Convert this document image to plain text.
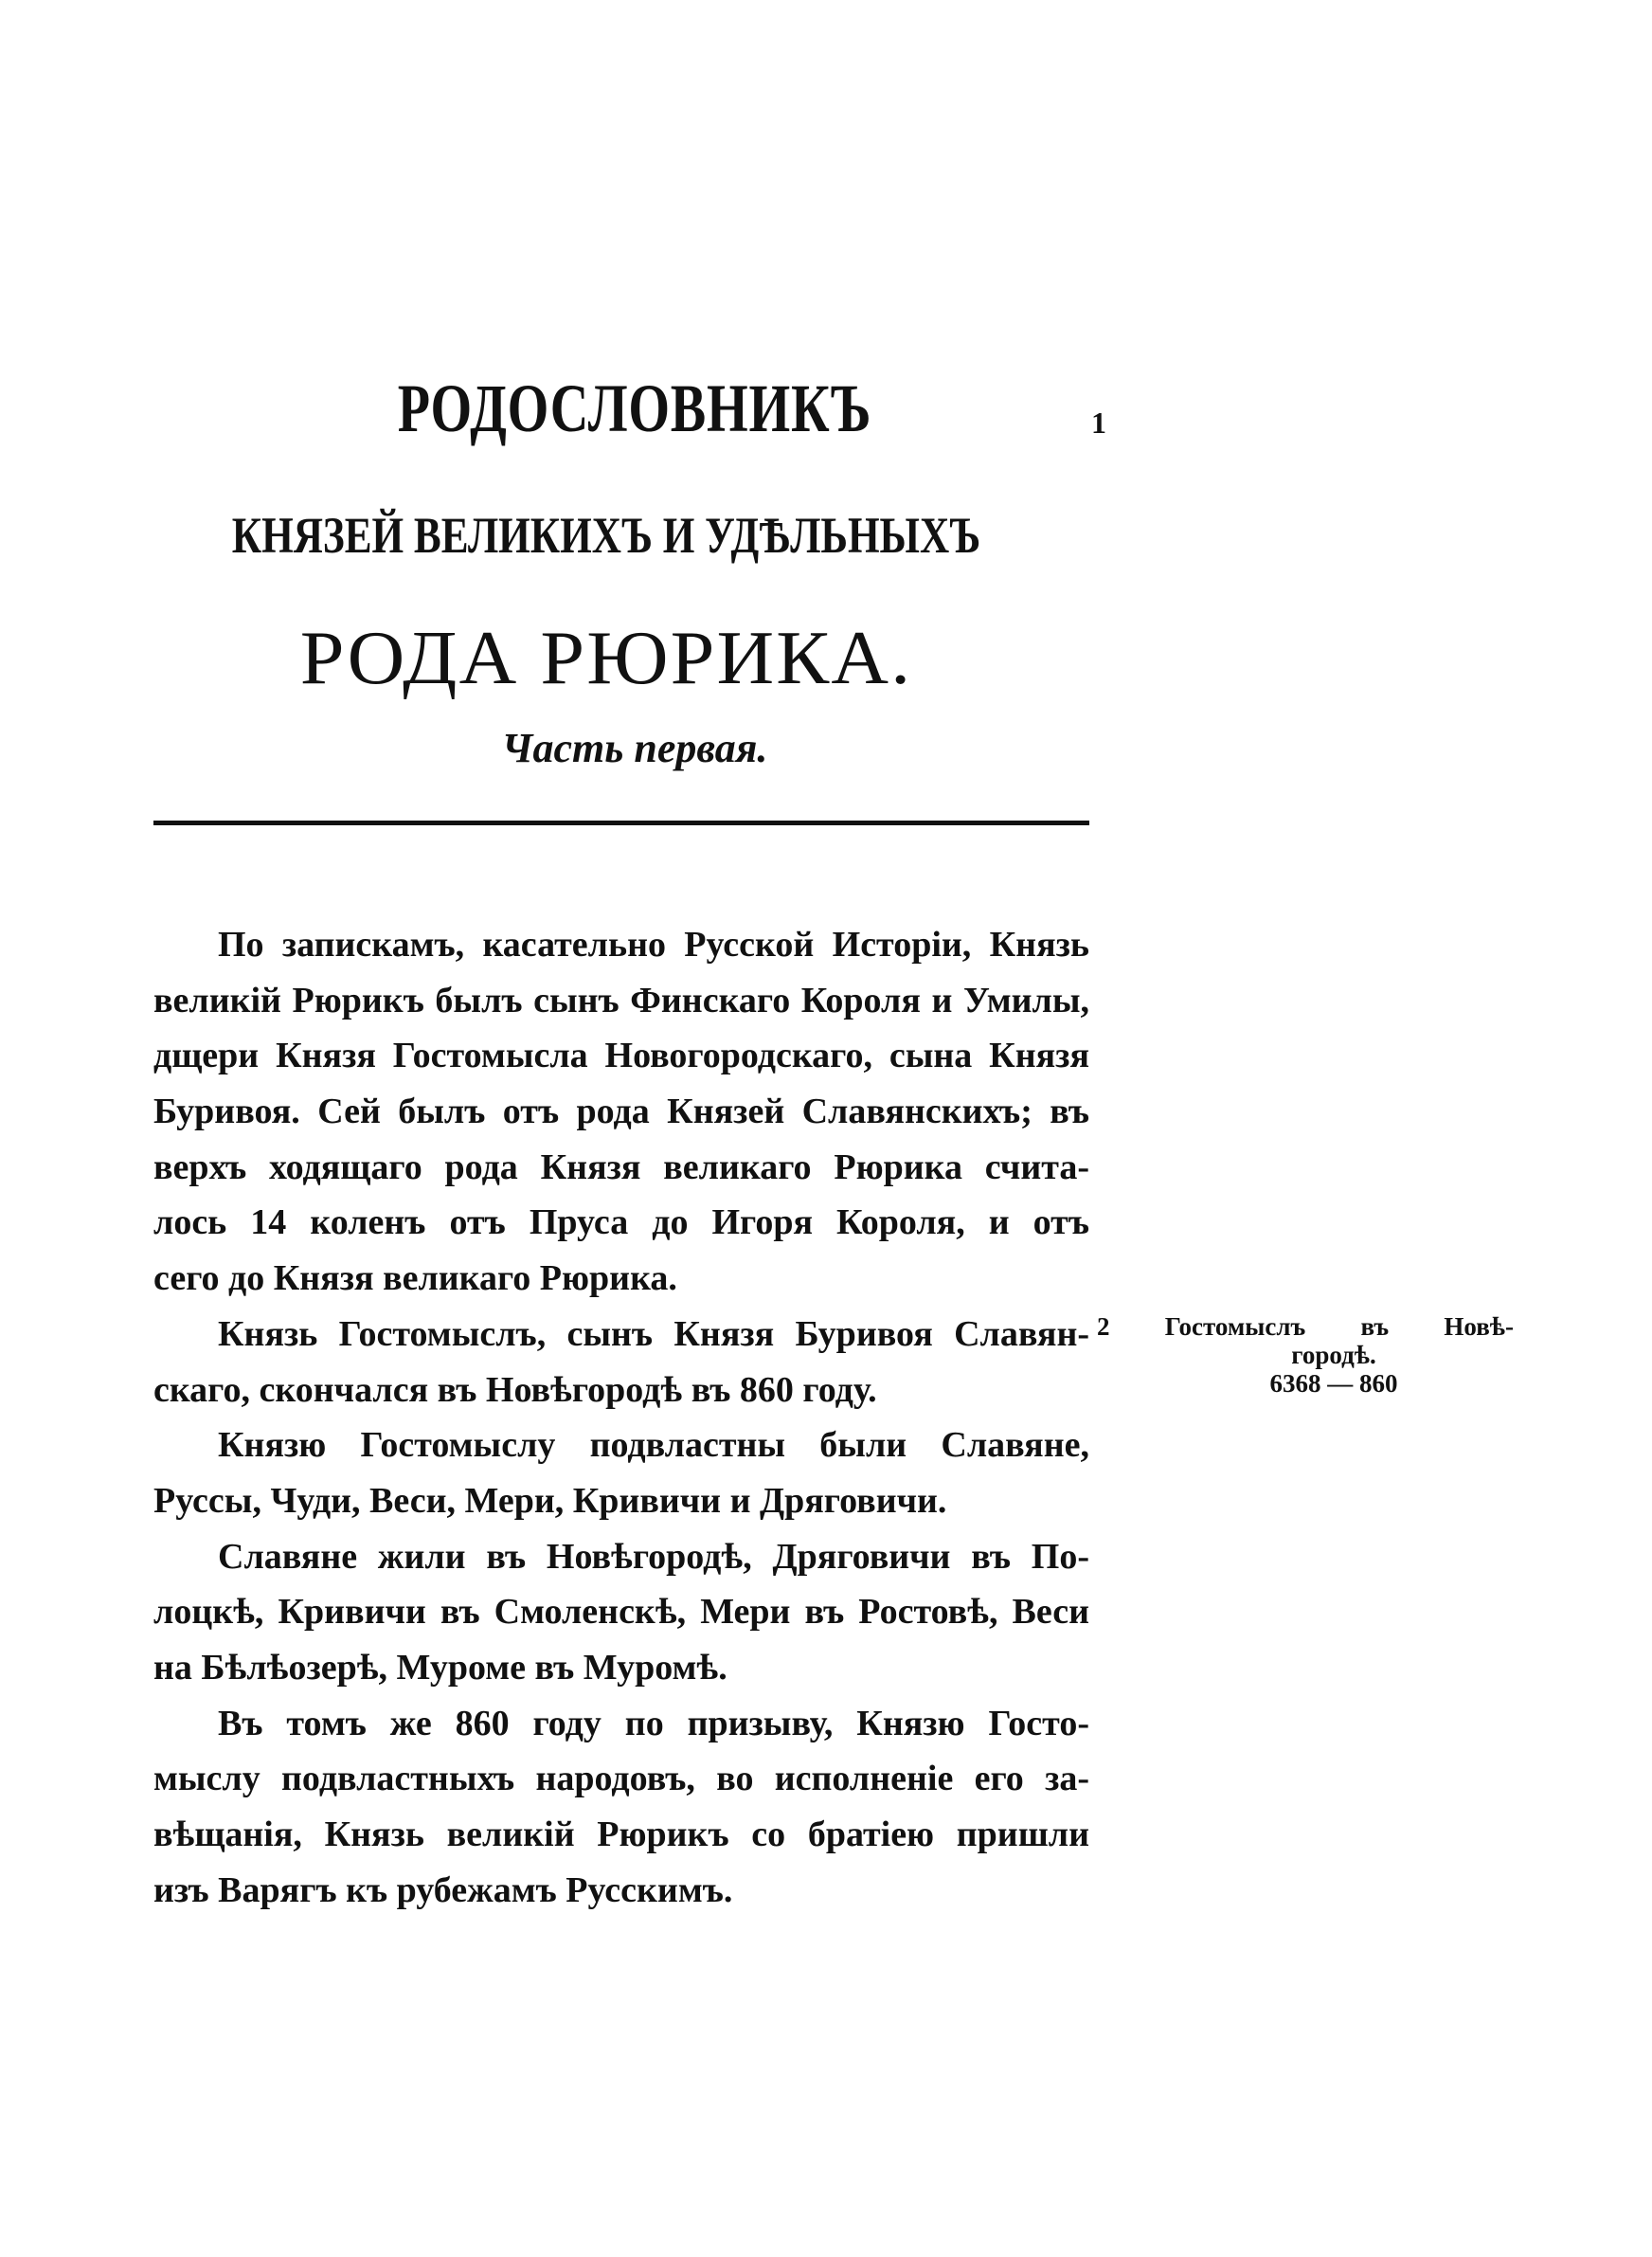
РОДОСЛОВНИКЪ	1
КНЯЗЕЙ ВЕЛИКИХЪ И УДѢЛЬНЫХЪ
РОДА РЮРИКА.
Часть первая.

По запискамъ, касательно Русской Исторіи, Князь
великій Рюрикъ былъ сынъ Финскаго Короля и Умилы,
дщери Князя Гостомысла Новогородскаго, сына Князя
Буривоя. Сей былъ отъ рода Князей Славянскихъ; въ
верхъ ходящаго рода Князя великаго Рюрика счита-
лось 14 коленъ отъ Пруса до Игоря Короля, и отъ
сего до Князя великаго Рюрика.

Князь Гостомыслъ, сынъ Князя Буривоя Славян-
скаго, скончался въ Новѣгородѣ въ 860 году.

Князю Гостомыслу подвластны были Славяне,
Руссы, Чуди, Веси, Мери, Кривичи и Дряговичи.

Славяне жили въ Новѣгородѣ, Дряговичи въ По-
лоцкѣ, Кривичи въ Смоленскѣ, Мери въ Ростовѣ, Веси
на Бѣлѣозерѣ, Муроме въ Муромѣ.

Въ томъ же 860 году по призыву, Князю Госто-
мыслу подвластныхъ народовъ, во исполненіе его за-
вѣщанія, Князь великій Рюрикъ со братіею пришли
изъ Варягъ къ рубежамъ Русскимъ.

2 Гостомыслъ въ Новѣ-
городѣ.
6368 — 860
